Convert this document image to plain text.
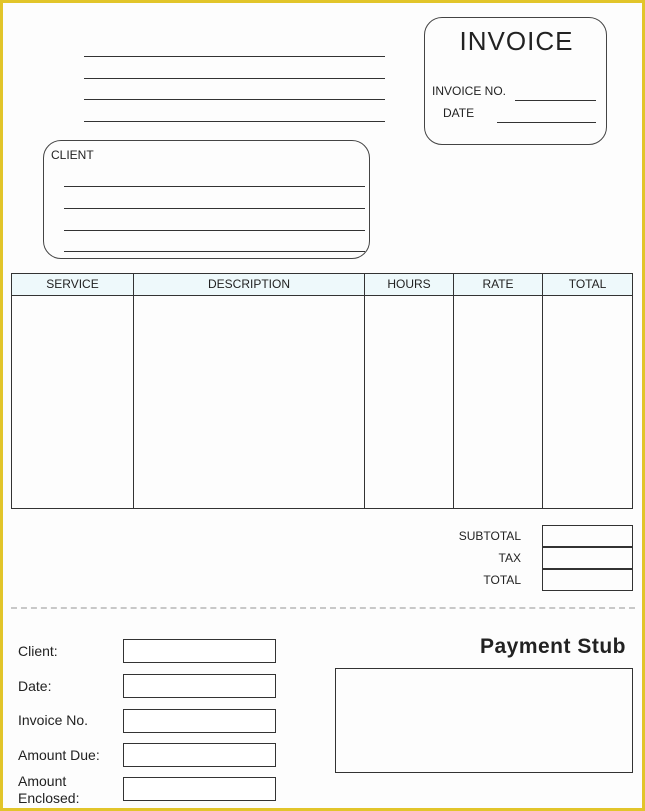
INVOICE
INVOICE NO.
DATE
CLIENT
SERVICE	DESCRIPTION	HOURS	RATE	TOTAL
SUBTOTAL
TAX
TOTAL
Payment Stub
Client:
Date:
Invoice No.
Amount Due:
Amount Enclosed:
